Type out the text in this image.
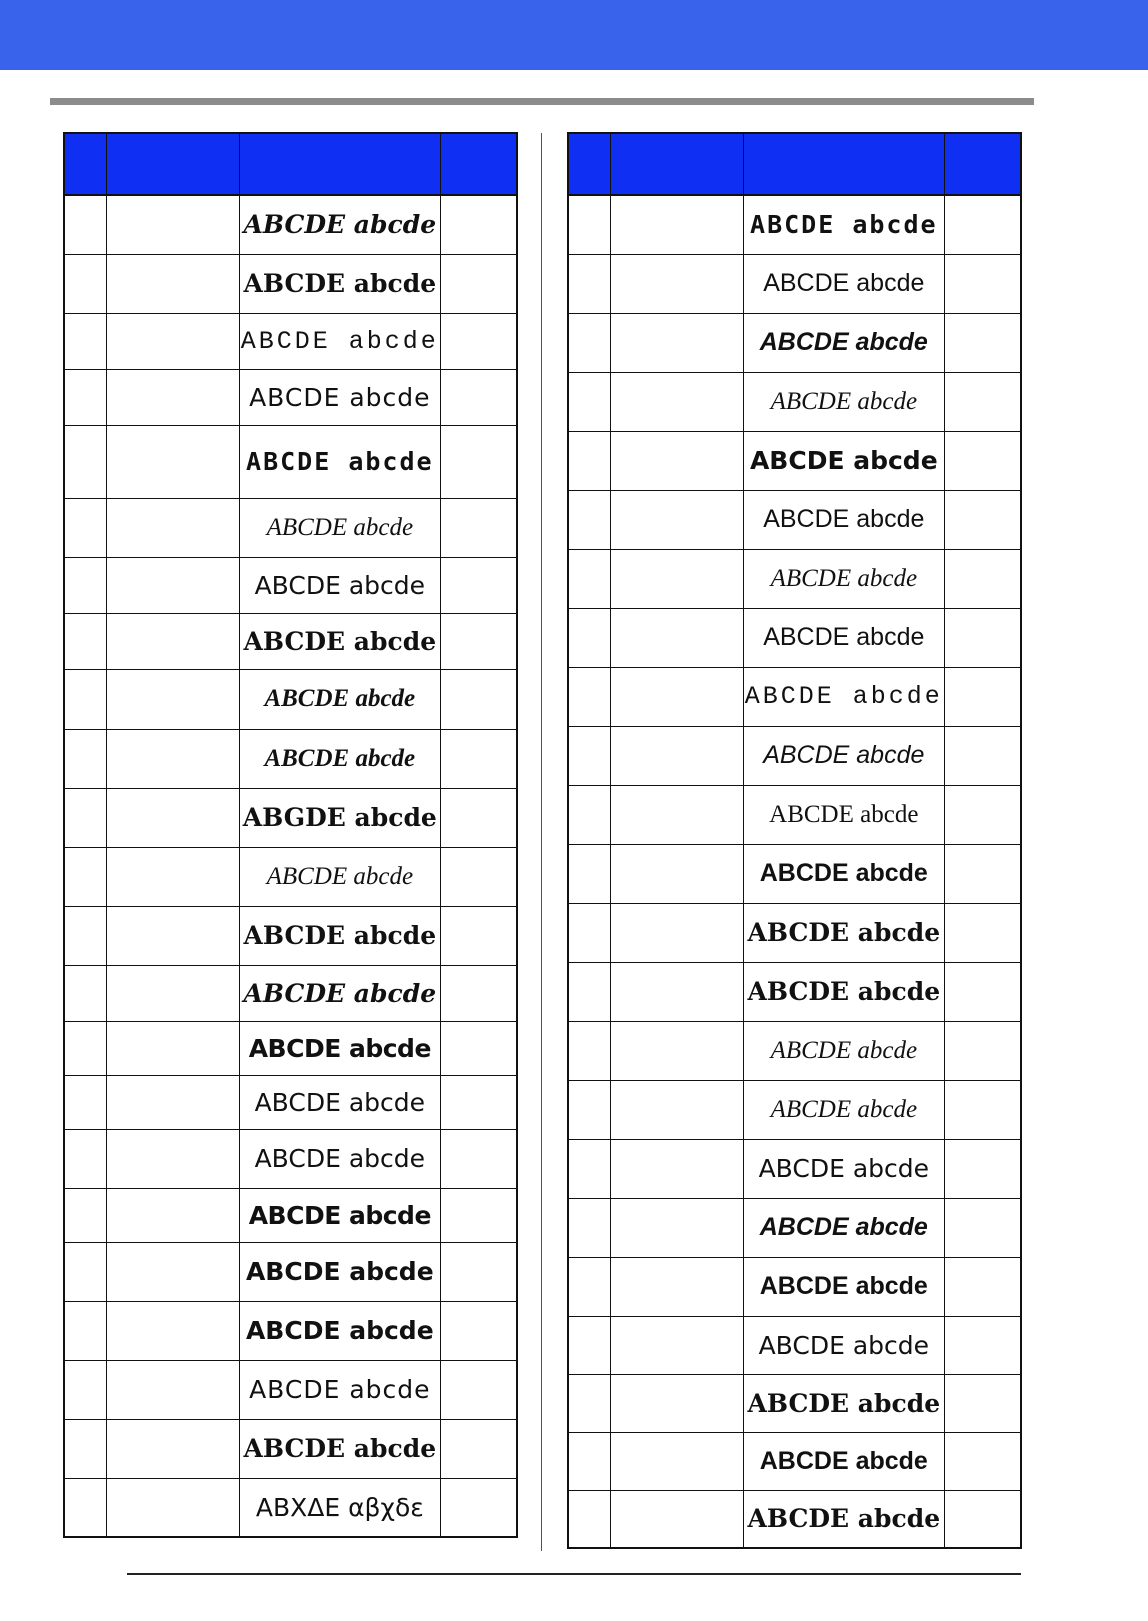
		ABCDE abcde	
		ABCDE abcde	
		ABCDE abcde	
		ABCDE abcde	
		ABCDE abcde	
		ABCDE abcde	
		ABCDE abcde	
		ABCDE abcde	
		ABCDE abcde	
		ABCDE abcde	
		ABGDE abcde	
		ABCDE abcde	
		ABCDE abcde	
		ABCDE abcde	
		ABCDE abcde	
		ABCDE abcde	
		ABCDE abcde	
		ABCDE abcde	
		ABCDE abcde	
		ABCDE abcde	
		ABCDE abcde	
		ABCDE abcde	
		ΑΒΧΔΕ αβχδε	

		ABCDE abcde	
		ABCDE abcde	
		ABCDE abcde	
		ABCDE abcde	
		ABCDE abcde	
		ABCDE abcde	
		ABCDE abcde	
		ABCDE abcde	
		ABCDE abcde	
		ABCDE abcde	
		ABCDE abcde	
		ABCDE abcde	
		ABCDE abcde	
		ABCDE abcde	
		ABCDE abcde	
		ABCDE abcde	
		ABCDE abcde	
		ABCDE abcde	
		ABCDE abcde	
		ABCDE abcde	
		ABCDE abcde	
		ABCDE abcde	
		ABCDE abcde	
